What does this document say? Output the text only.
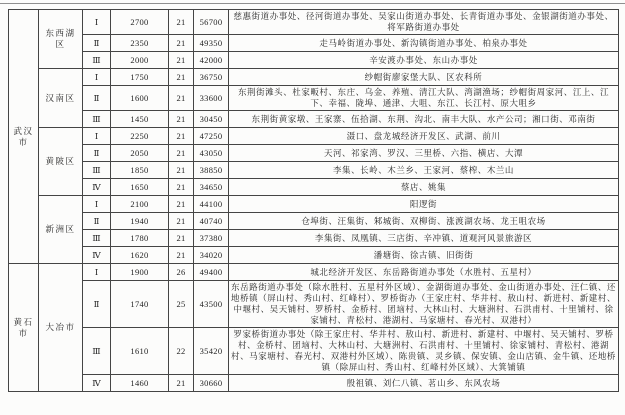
武汉市	东西湖区	Ⅰ	2700	21	56700	慈惠街道办事处、径河街道办事处、吴家山街道办事处、长青街道办事处、金银湖街道办事处、将军路街道办事处
		Ⅱ	2350	21	49350	走马岭街道办事处、新沟镇街道办事处、柏泉办事处
		Ⅲ	2000	21	42000	辛安渡办事处、东山办事处
	汉南区	Ⅰ	1750	21	36750	纱帽街廖家堡大队、区农科所
		Ⅱ	1600	21	33600	东荆街滩头、杜家畈村、东庄、乌金、养殖、清江大队、湾湖渔场；纱帽街周家河、江上、江下、幸福、陇埠、通津、大咀、东江、长江村、原大咀乡
		Ⅲ	1450	21	30450	东荆街黄家墩、王家寨、伍拾湖、东荆、沟北、南丰大队、水产公司；湘口街、邓南街
	黄陂区	Ⅰ	2250	21	47250	滠口、盘龙城经济开发区、武湖、前川
		Ⅱ	2050	21	43050	天河、祁家湾、罗汉、三里桥、六指、横店、大潭
		Ⅲ	1850	21	38850	李集、长岭、木兰乡、王家河、蔡榨、木兰山
		Ⅳ	1650	21	34650	蔡店、姚集
	新洲区	Ⅰ	2100	21	44100	阳逻街
		Ⅱ	1940	21	40740	仓埠街、汪集街、邾城街、双柳街、涨渡湖农场、龙王咀农场
		Ⅲ	1780	21	37380	李集街、凤凰镇、三店街、辛冲镇、道观河风景旅游区
		Ⅳ	1620	21	34020	潘塘街、徐古镇、旧街街
黄石市	大冶市	Ⅰ	1900	26	49400	城北经济开发区、东岳路街道办事处（水胜村、五星村）
		Ⅱ	1740	25	43500	东岳路街道办事处（除水胜村、五星村外区域）、金湖街道办事处、金山街道办事处、汪仁镇、还地桥镇（屏山村、秀山村、红峰村）、罗桥街办（王家庄村、华井村、敖山村、新进村、新建村、中堰村、吴天铺村、罗桥村、金桥村、团垴村、大林山村、大塘洲村、石洪甫村、十里铺村、徐家铺村、青松村、港湖村、马家塘村、春光村、双港村）
		Ⅲ	1610	22	35420	罗家桥街道办事处（除王家庄村、华井村、敖山村、新进村、新建村、中堰村、吴天铺村、罗桥村、金桥村、团垴村、大林山村、大塘洲村、石洪甫村、十里铺村、徐家铺村、青松村、港湖村、马家塘村、春光村、双港村外区域）、陈贵镇、灵乡镇、保安镇、金山店镇、金牛镇、还地桥镇（除屏山村、秀山村、红峰村外区域）、大箕铺镇
		Ⅳ	1460	21	30660	殷祖镇、刘仁八镇、茗山乡、东风农场
